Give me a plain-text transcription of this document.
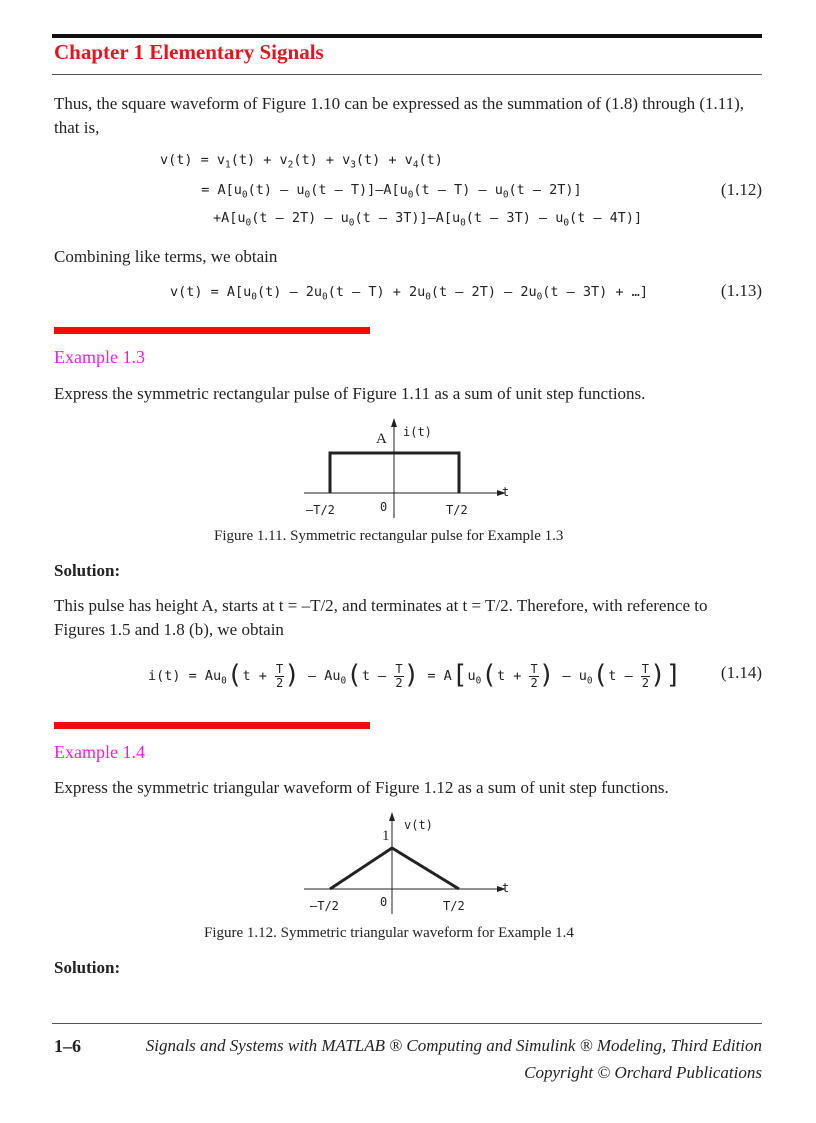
Chapter 1 Elementary Signals
Thus, the square waveform of Figure 1.10 can be expressed as the summation of (1.8) through (1.11), that is,
$v(t) = v_1(t) + v_2(t) + v_3(t) + v_4(t)$
= $A[u_0(t) - u_0(t - T)]-A[u_0(t - T) - u_0(t - 2T)]$
$+A[u_0(t - 2T) - u_0(t - 3T)]-A[u_0(t - 3T) - u_0(t - 4T)]$
(1.12)
Combining like terms, we obtain
$v(t) = A[u_0(t) - 2u_0(t - T) + 2u_0(t - 2T) - 2u_0(t - 3T)$ + …]	(1.13)
Example 1.3
Express the symmetric rectangular pulse of Figure 1.11 as a sum of unit step functions.
i(t)
A
t
–T/2	0	T/2
Figure 1.11. Symmetric rectangular pulse for Example 1.3
Solution:
This pulse has height A, starts at t = –T/2, and terminates at t = T/2. Therefore, with reference to Figures 1.5 and 1.8 (b), we obtain
$i(t) = Au_0(t + \frac{T}{2}$ ) – $Au_0(t - \frac{T}{2}$ ) = $A[u_0(t + \frac{T}{2}$ ) – $u_0(t - \frac{T}{2}$ )]	(1.14)
Example 1.4
Express the symmetric triangular waveform of Figure 1.12 as a sum of unit step functions.
v(t)
1
t
–T/2	0	T/2
Figure 1.12. Symmetric triangular waveform for Example 1.4
Solution:
1–6	Signals and Systems with MATLAB ® Computing and Simulink ® Modeling, Third Edition
Copyright © Orchard Publications
